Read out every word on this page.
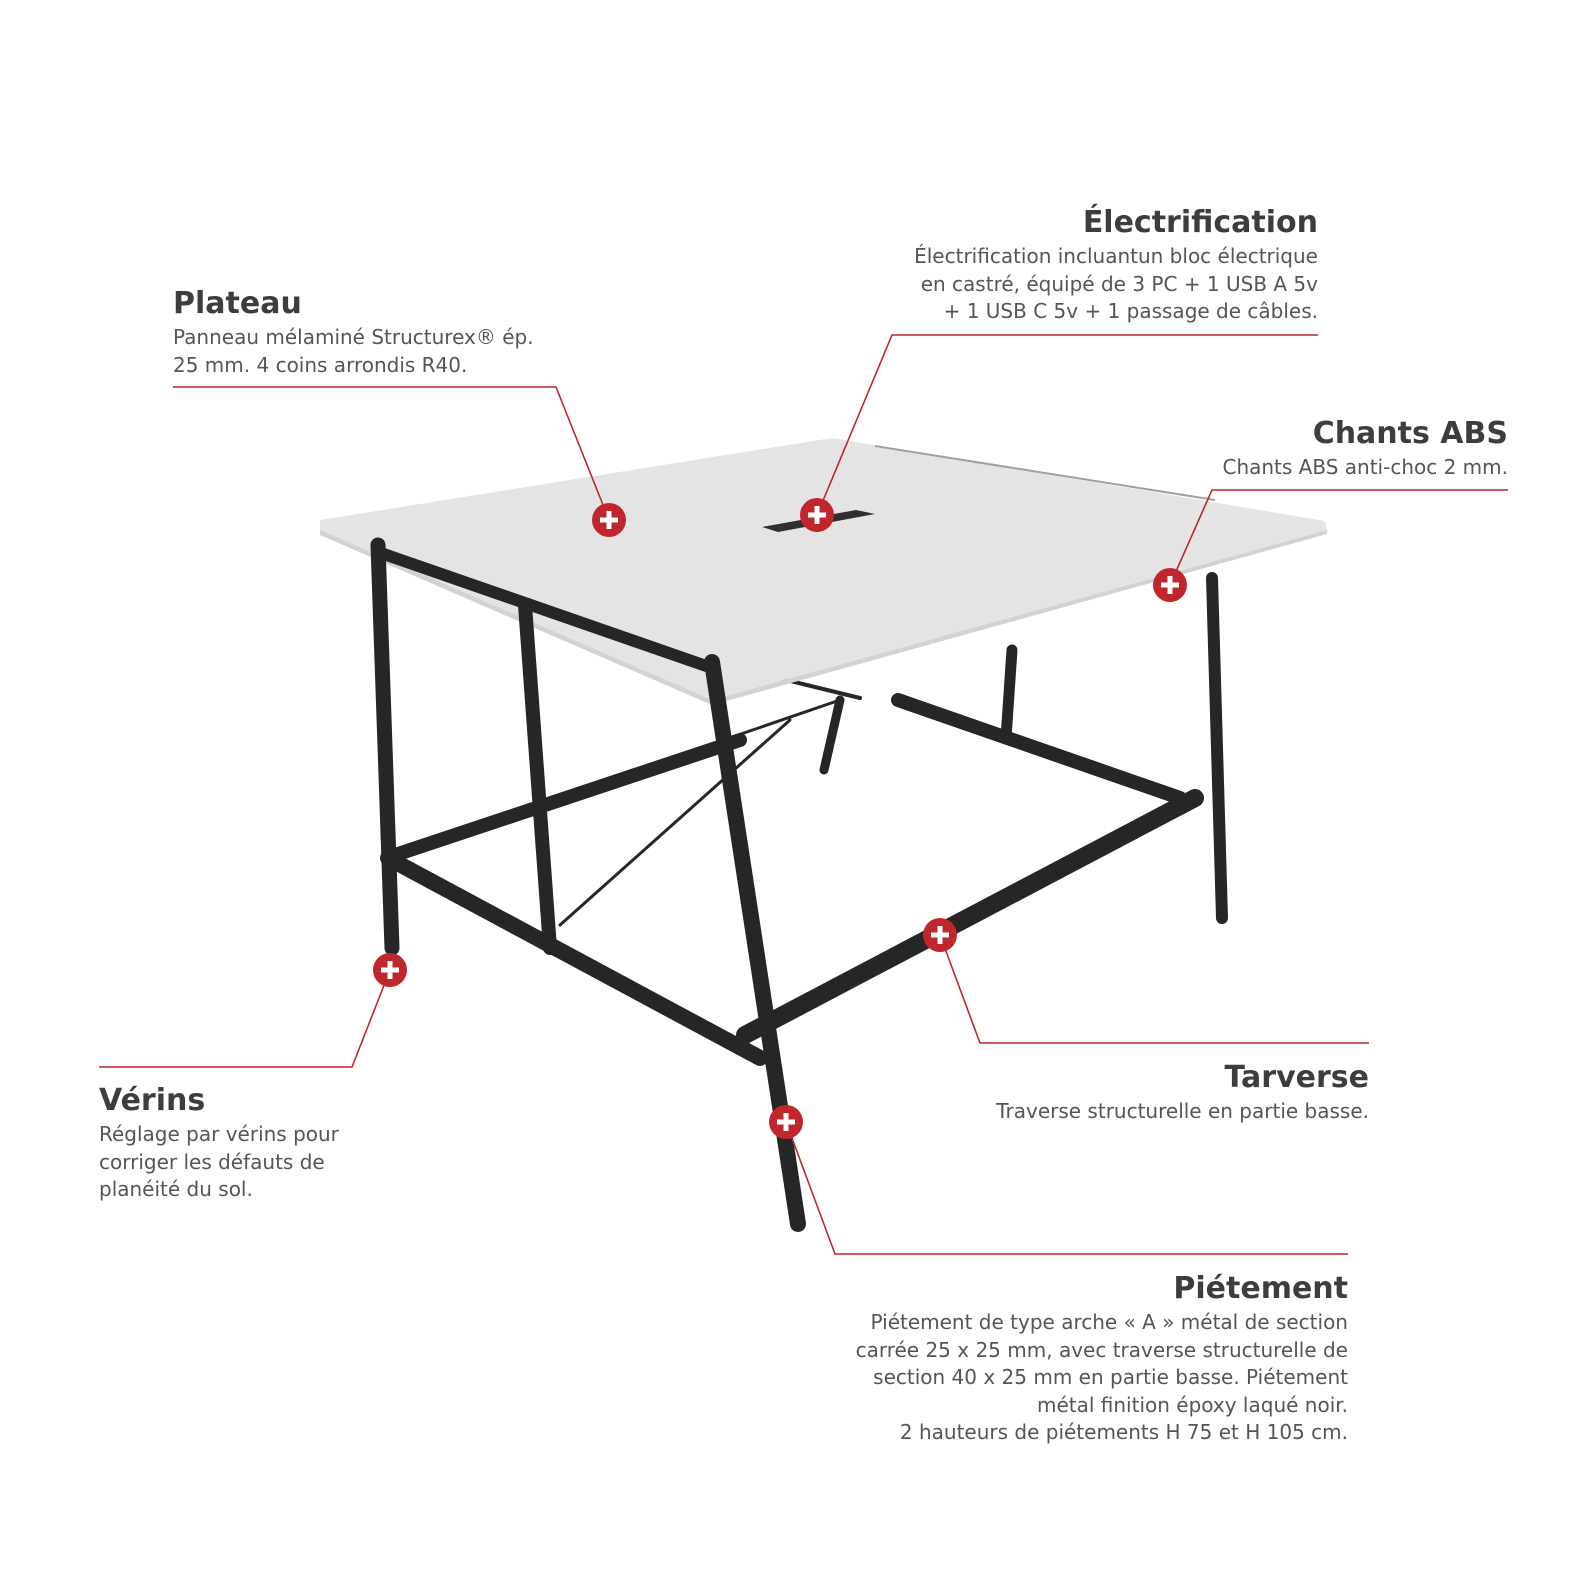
Plateau
Panneau mélaminé Structurex® ép.
25 mm. 4 coins arrondis R40.
Électrification
Électrification incluantun bloc électrique
en castré, équipé de 3 PC + 1 USB A 5v
+ 1 USB C 5v + 1 passage de câbles.
Chants ABS
Chants ABS anti-choc 2 mm.
Vérins
Réglage par vérins pour
corriger les défauts de
planéité du sol.
Tarverse
Traverse structurelle en partie basse.
Piétement
Piétement de type arche « A » métal de section
carrée 25 x 25 mm, avec traverse structurelle de
section 40 x 25 mm en partie basse. Piétement
métal finition époxy laqué noir.
2 hauteurs de piétements H 75 et H 105 cm.
